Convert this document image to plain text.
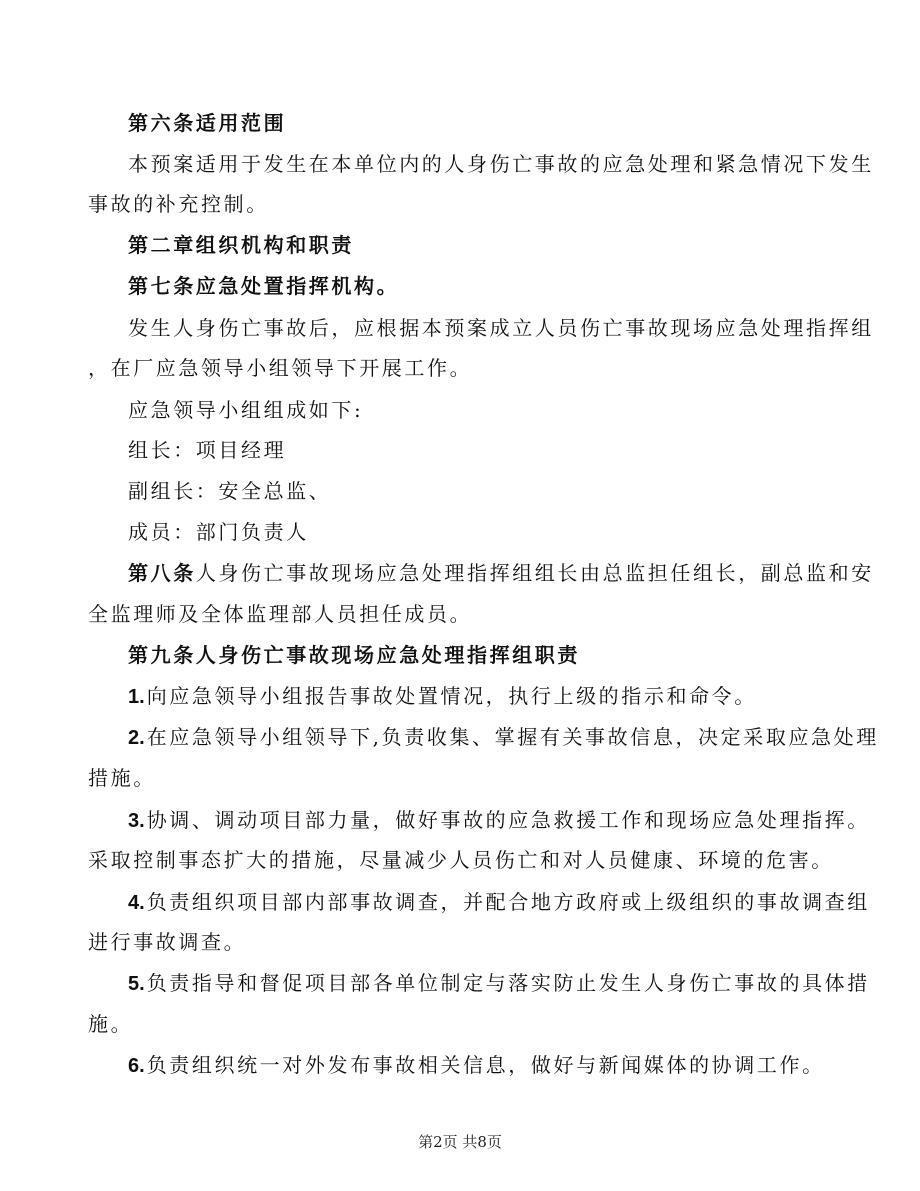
第六条适用范围
本预案适用于发生在本单位内的人身伤亡事故的应急处理和紧急情况下发生
事故的补充控制。
第二章组织机构和职责
第七条应急处置指挥机构。
发生人身伤亡事故后，应根据本预案成立人员伤亡事故现场应急处理指挥组
，在厂应急领导小组领导下开展工作。
应急领导小组组成如下:
组长：项目经理
副组长：安全总监、
成员：部门负责人
第八条人身伤亡事故现场应急处理指挥组组长由总监担任组长，副总监和安
全监理师及全体监理部人员担任成员。
第九条人身伤亡事故现场应急处理指挥组职责
1. 向应急领导小组报告事故处置情况，执行上级的指示和命令。
2. 在应急领导小组领导下,负责收集、掌握有关事故信息，决定采取应急处理
措施。
3. 协调、调动项目部力量，做好事故的应急救援工作和现场应急处理指挥。
采取控制事态扩大的措施，尽量减少人员伤亡和对人员健康、环境的危害。
4. 负责组织项目部内部事故调查，并配合地方政府或上级组织的事故调查组
进行事故调查。
5. 负责指导和督促项目部各单位制定与落实防止发生人身伤亡事故的具体措
施。
6. 负责组织统一对外发布事故相关信息，做好与新闻媒体的协调工作。
第2页 共8页
